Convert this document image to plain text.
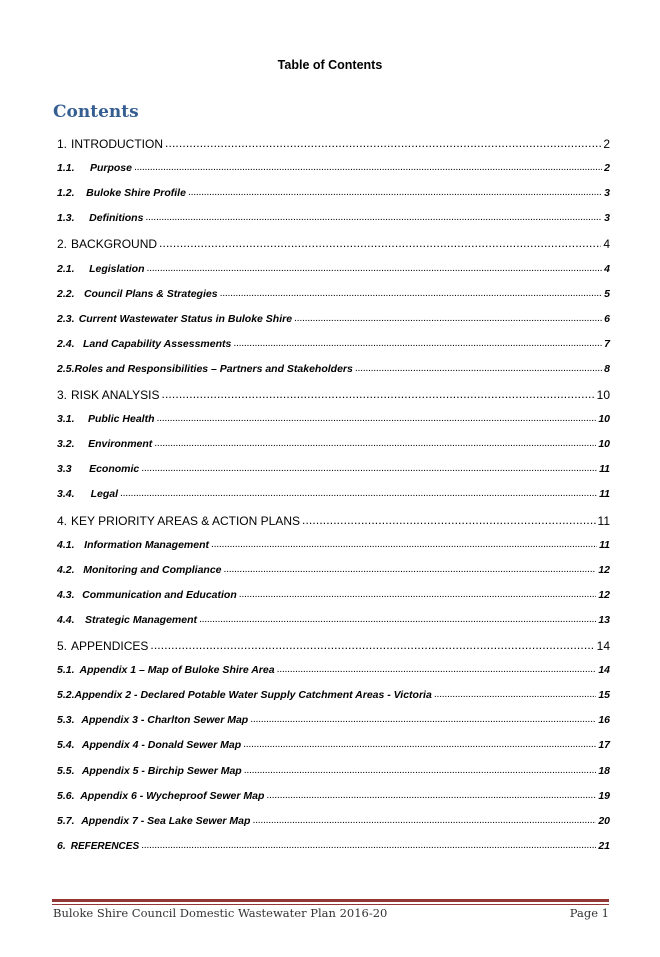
Table of Contents
Contents
1. INTRODUCTION . . .	2
1.1.	Purpose . . .	2
1.2.	Buloke Shire Profile . . .	3
1.3.	Definitions . . .	3
2. BACKGROUND . . .	4
2.1.	Legislation . . .	4
2.2. Council Plans & Strategies . . .	5
2.3. Current Wastewater Status in Buloke Shire . . .	6
2.4. Land Capability Assessments . . .	7
2.5. Roles and Responsibilities – Partners and Stakeholders . . .	8
3. RISK ANALYSIS . . .	10
3.1.	Public Health . . .	10
3.2.	Environment . . .	10
3.3	Economic . . .	11
3.4.	Legal . . .	11
4. KEY PRIORITY AREAS & ACTION PLANS . . .	11
4.1. Information Management . . .	11
4.2. Monitoring and Compliance . . .	12
4.3. Communication and Education . . .	12
4.4. Strategic Management . . .	13
5. APPENDICES . . .	14
5.1. Appendix 1 – Map of Buloke Shire Area . . .	14
5.2. Appendix 2 - Declared Potable Water Supply Catchment Areas - Victoria . . .	15
5.3. Appendix 3 - Charlton Sewer Map . . .	16
5.4. Appendix 4 - Donald Sewer Map . . .	17
5.5. Appendix 5 - Birchip Sewer Map . . .	18
5.6. Appendix 6 - Wycheproof Sewer Map . . .	19
5.7. Appendix 7 - Sea Lake Sewer Map . . .	20
6. REFERENCES . . .	21
Buloke Shire Council Domestic Wastewater Plan 2016-20	Page 1
